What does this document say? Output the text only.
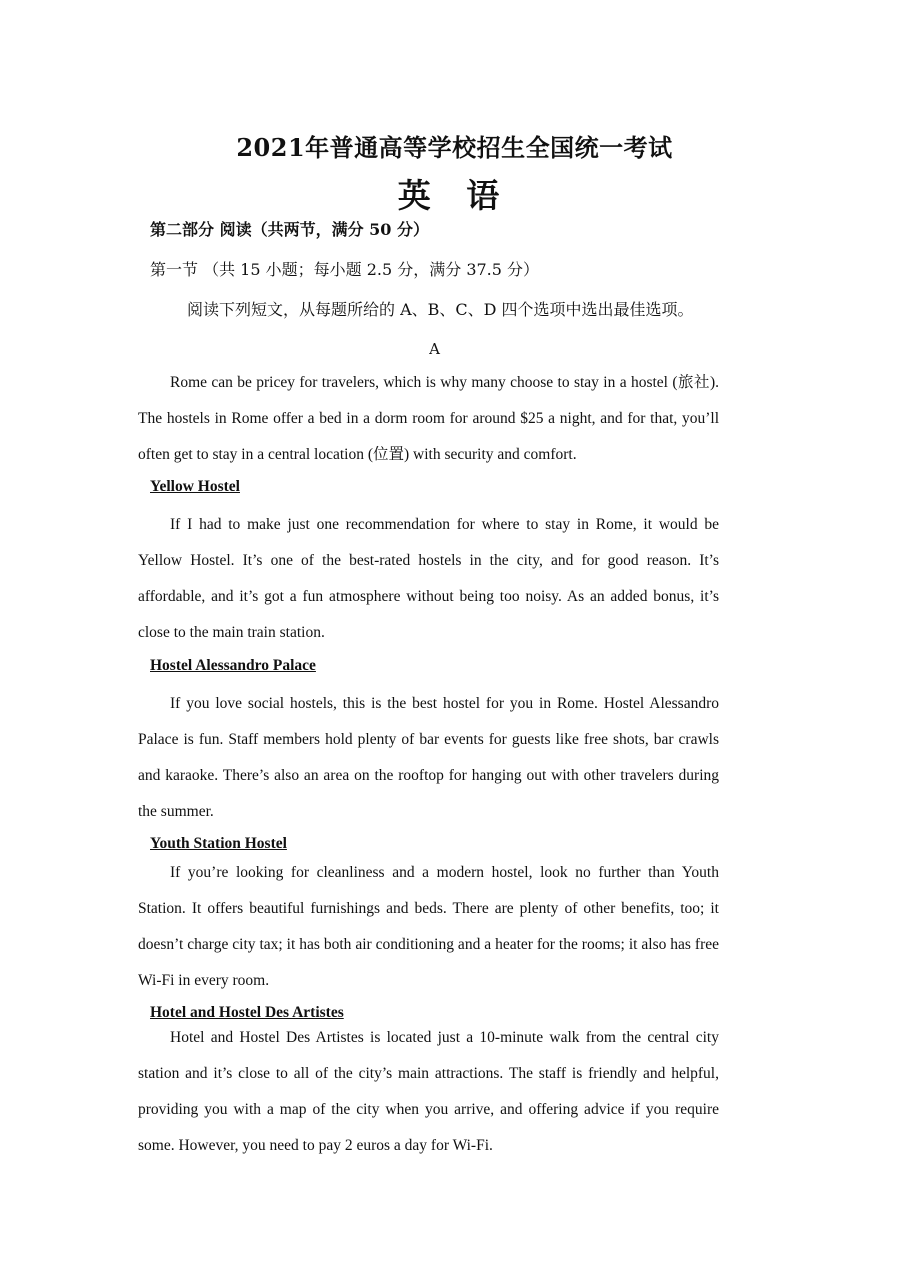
2021年普通高等学校招生全国统一考试
英 语
第二部分 阅读（共两节，满分 50 分）
第一节 （共 15 小题；每小题 2.5 分，满分 37.5 分）
阅读下列短文，从每题所给的 A、B、C、D 四个选项中选出最佳选项。
A

Rome can be pricey for travelers, which is why many choose to stay in a hostel (旅社). The hostels in Rome offer a bed in a dorm room for around $25 a night, and for that, you’ll often get to stay in a central location (位置) with security and comfort.

Yellow Hostel

If I had to make just one recommendation for where to stay in Rome, it would be Yellow Hostel. It’s one of the best-rated hostels in the city, and for good reason. It’s affordable, and it’s got a fun atmosphere without being too noisy. As an added bonus, it’s close to the main train station.

Hostel Alessandro Palace

If you love social hostels, this is the best hostel for you in Rome. Hostel Alessandro Palace is fun. Staff members hold plenty of bar events for guests like free shots, bar crawls and karaoke. There’s also an area on the rooftop for hanging out with other travelers during the summer.

Youth Station Hostel

If you’re looking for cleanliness and a modern hostel, look no further than Youth Station. It offers beautiful furnishings and beds. There are plenty of other benefits, too; it doesn’t charge city tax; it has both air conditioning and a heater for the rooms; it also has free Wi-Fi in every room.

Hotel and Hostel Des Artistes

Hotel and Hostel Des Artistes is located just a 10-minute walk from the central city station and it’s close to all of the city’s main attractions. The staff is friendly and helpful, providing you with a map of the city when you arrive, and offering advice if you require some. However, you need to pay 2 euros a day for Wi-Fi.
